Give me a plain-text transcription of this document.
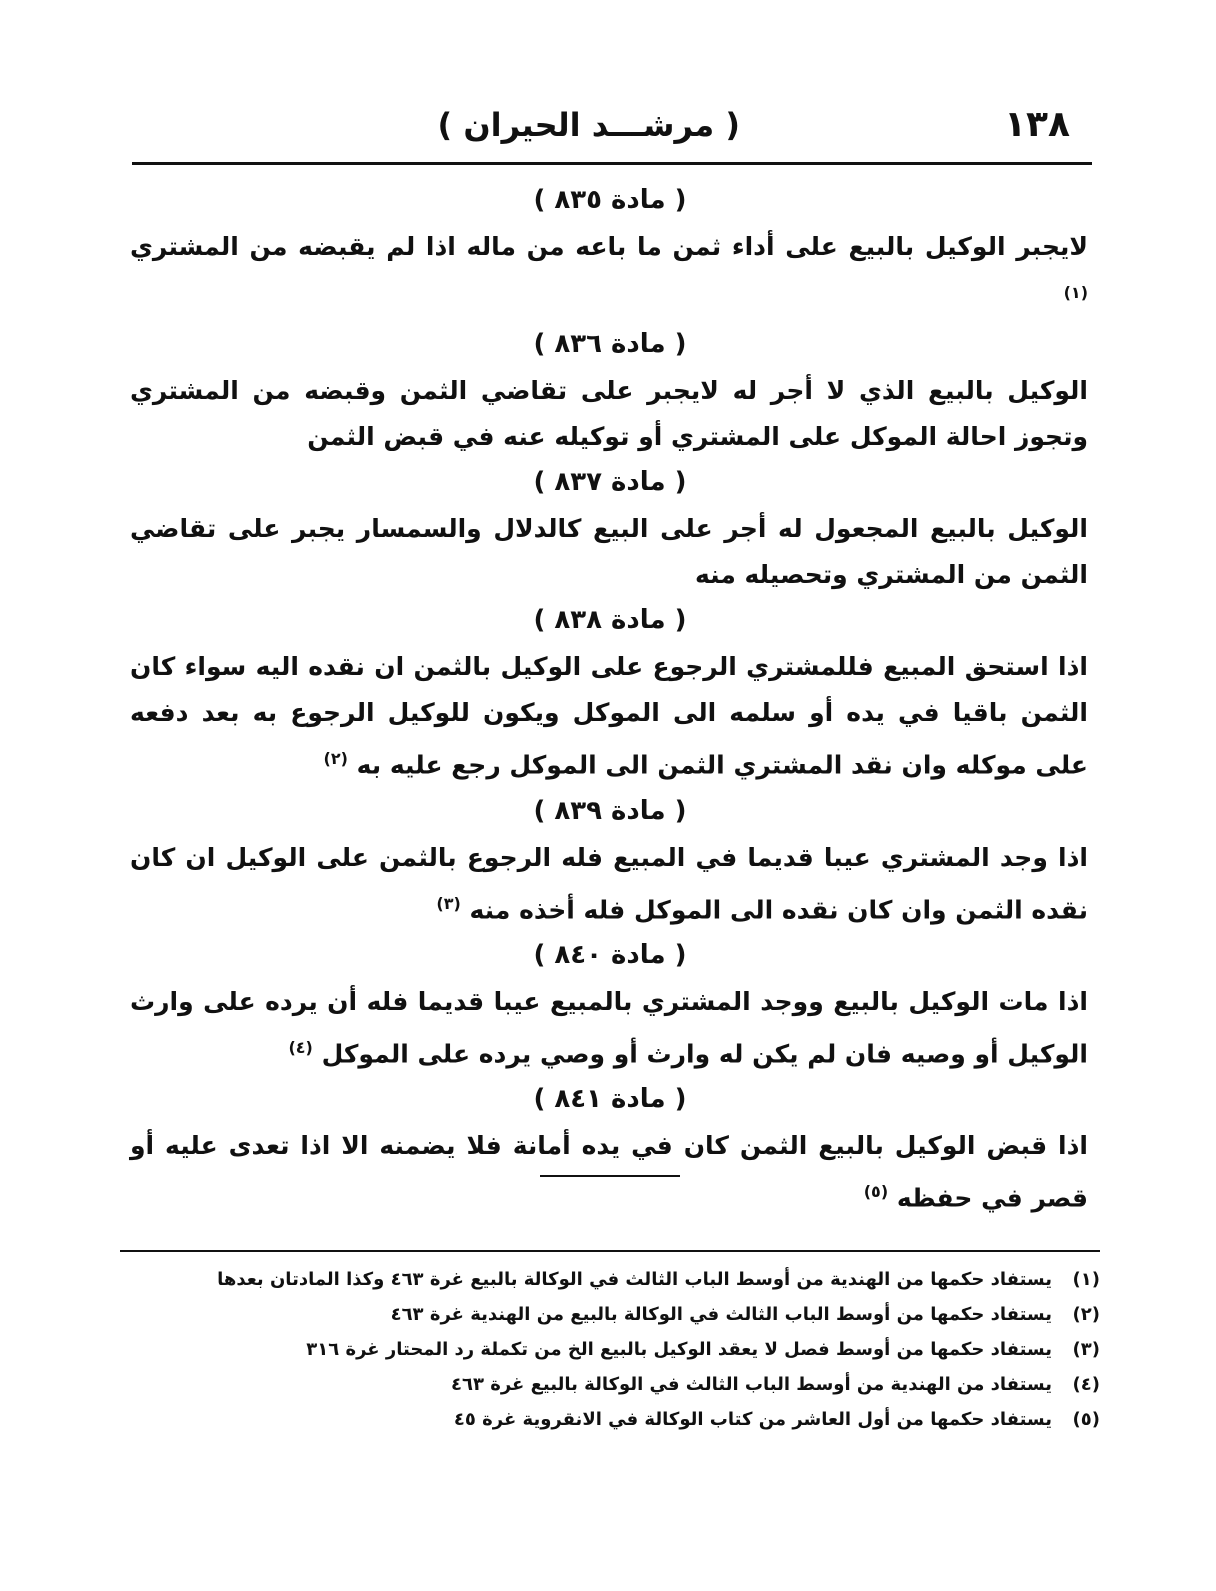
١٣٨
( مرشـــد الحيران )
( مادة ٨٣٥ )
لايجبر الوكيل بالبيع على أداء ثمن ما باعه من ماله اذا لم يقبضه من المشتري $^{(١)}$
( مادة ٨٣٦ )
الوكيل بالبيع الذي لا أجر له لايجبر على تقاضي الثمن وقبضه من المشتري وتجوز احالة الموكل على المشتري أو توكيله عنه في قبض الثمن
( مادة ٨٣٧ )
الوكيل بالبيع المجعول له أجر على البيع كالدلال والسمسار يجبر على تقاضي الثمن من المشتري وتحصيله منه
( مادة ٨٣٨ )
اذا استحق المبيع فللمشتري الرجوع على الوكيل بالثمن ان نقده اليه سواء كان الثمن باقيا في يده أو سلمه الى الموكل ويكون للوكيل الرجوع به بعد دفعه على موكله وان نقد المشتري الثمن الى الموكل رجع عليه به $^{(٢)}$
( مادة ٨٣٩ )
اذا وجد المشتري عيبا قديما في المبيع فله الرجوع بالثمن على الوكيل ان كان نقده الثمن وان كان نقده الى الموكل فله أخذه منه $^{(٣)}$
( مادة ٨٤٠ )
اذا مات الوكيل بالبيع ووجد المشتري بالمبيع عيبا قديما فله أن يرده على وارث الوكيل أو وصيه فان لم يكن له وارث أو وصي يرده على الموكل $^{(٤)}$
( مادة ٨٤١ )
اذا قبض الوكيل بالبيع الثمن كان في يده أمانة فلا يضمنه الا اذا تعدى عليه أو قصر في حفظه $^{(٥)}$
(١)يستفاد حكمها من الهندية من أوسط الباب الثالث في الوكالة بالبيع غرة ٤٦٣ وكذا المادتان بعدها
(٢)يستفاد حكمها من أوسط الباب الثالث في الوكالة بالبيع من الهندية غرة ٤٦٣
(٣)يستفاد حكمها من أوسط فصل لا يعقد الوكيل بالبيع الخ من تكملة رد المحتار غرة ٣١٦
(٤)يستفاد من الهندية من أوسط الباب الثالث في الوكالة بالبيع غرة ٤٦٣
(٥)يستفاد حكمها من أول العاشر من كتاب الوكالة في الانقروية غرة ٤٥
